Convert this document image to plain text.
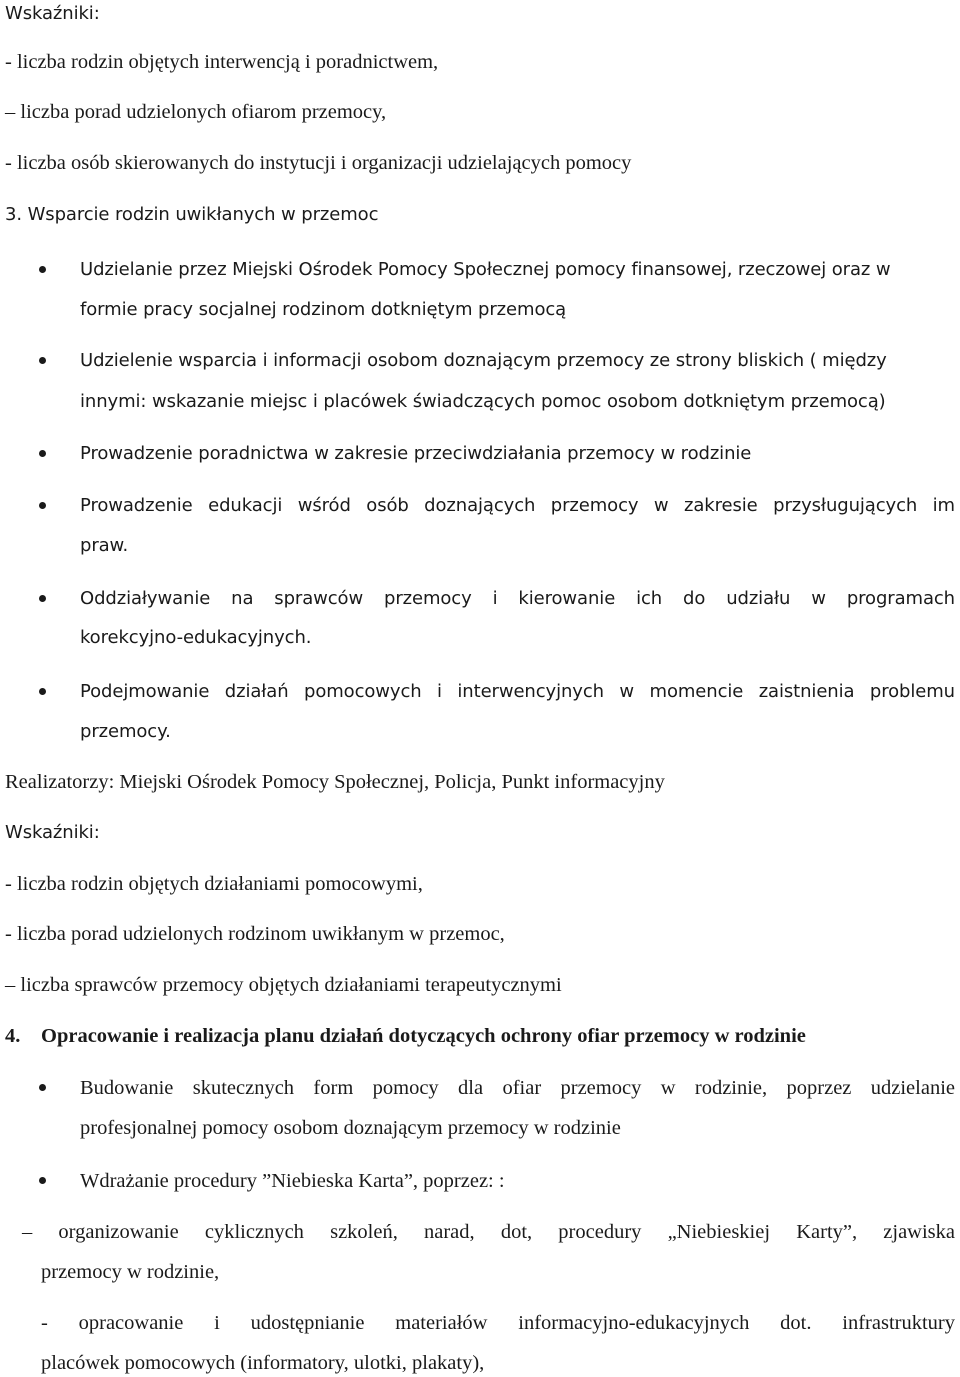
Wskaźniki:
- liczba rodzin objętych interwencją i poradnictwem,
– liczba porad udzielonych ofiarom przemocy,
- liczba osób skierowanych do instytucji i organizacji udzielających pomocy
3. Wsparcie rodzin uwikłanych w przemoc
Udzielanie przez Miejski Ośrodek Pomocy Społecznej pomocy finansowej, rzeczowej oraz w
formie pracy socjalnej rodzinom dotkniętym przemocą
Udzielenie wsparcia i informacji osobom doznającym przemocy ze strony bliskich ( między
innymi: wskazanie miejsc i placówek świadczących pomoc osobom dotkniętym przemocą)
Prowadzenie poradnictwa w zakresie przeciwdziałania przemocy w rodzinie
Prowadzenie edukacji wśród osób doznających przemocy w zakresie przysługujących im
praw.
Oddziaływanie na sprawców przemocy i kierowanie ich do udziału w programach
korekcyjno-edukacyjnych.
Podejmowanie działań pomocowych i interwencyjnych w momencie zaistnienia problemu
przemocy.
Realizatorzy: Miejski Ośrodek Pomocy Społecznej, Policja, Punkt informacyjny
Wskaźniki:
- liczba rodzin objętych działaniami pomocowymi,
- liczba porad udzielonych rodzinom uwikłanym w przemoc,
– liczba sprawców przemocy objętych działaniami terapeutycznymi
4. Opracowanie i realizacja planu działań dotyczących ochrony ofiar przemocy w rodzinie
Budowanie skutecznych form pomocy dla ofiar przemocy w rodzinie, poprzez udzielanie
profesjonalnej pomocy osobom doznającym przemocy w rodzinie
Wdrażanie procedury ”Niebieska Karta”, poprzez: :
– organizowanie cyklicznych szkoleń, narad, dot, procedury „Niebieskiej Karty”, zjawiska
przemocy w rodzinie,
- opracowanie i udostępnianie materiałów informacyjno-edukacyjnych dot. infrastruktury
placówek pomocowych (informatory, ulotki, plakaty),
